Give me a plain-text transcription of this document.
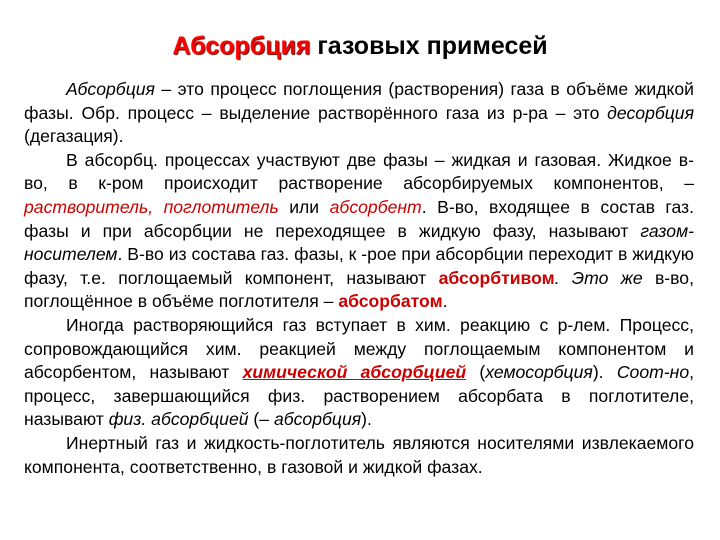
Абсорбция газовых примесей

Абсорбция – это процесс поглощения (растворения) газа в объёме жидкой фазы. Обр. процесс – выделение растворённого газа из р-ра – это десорбция (дегазация).

В абсорбц. процессах участвуют две фазы – жидкая и газовая. Жидкое в-во, в к-ром происходит растворение абсорбируемых компонентов, – растворитель, поглотитель или абсорбент. В-во, входящее в состав газ. фазы и при абсорбции не переходящее в жидкую фазу, называют газом-носителем. В-во из состава газ. фазы, к -рое при абсорбции переходит в жидкую фазу, т.е. поглощаемый компонент, называют абсорбтивом. Это же в-во, поглощённое в объёме поглотителя – абсорбатом.

Иногда растворяющийся газ вступает в хим. реакцию с р-лем. Процесс, сопровождающийся хим. реакцией между поглощаемым компонентом и абсорбентом, называют химической абсорбцией (хемосорбция). Соот-но, процесс, завершающийся физ. растворением абсорбата в поглотителе, называют физ. абсорбцией (– абсорбция).

Инертный газ и жидкость-поглотитель являются носителями извлекаемого компонента, соответственно, в газовой и жидкой фазах.
